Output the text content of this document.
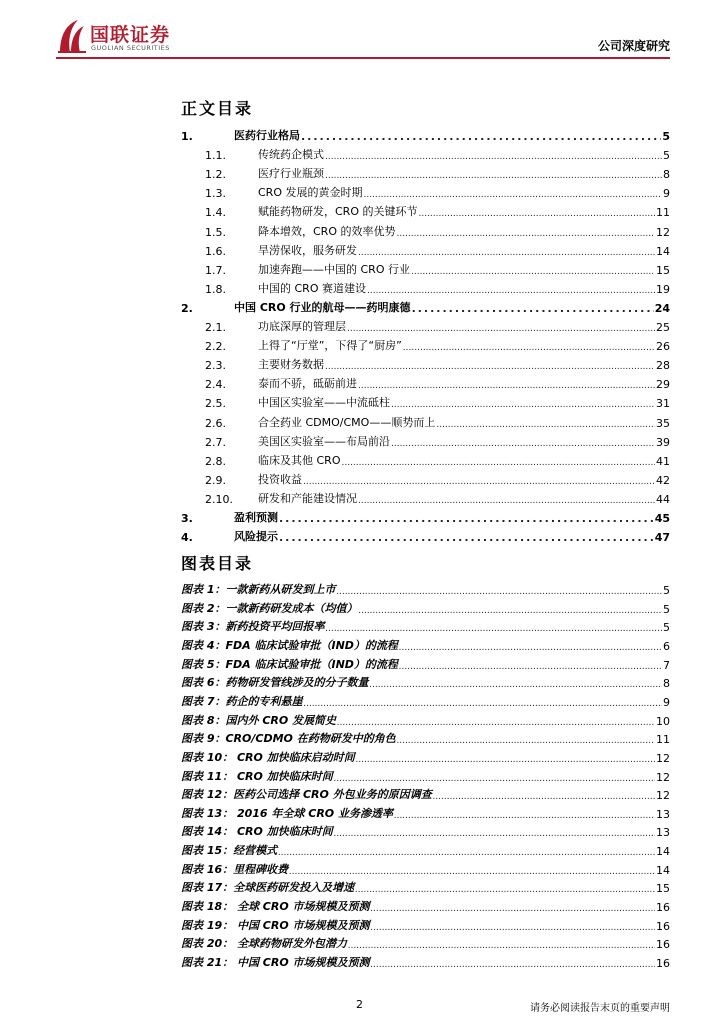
国联证券
GUOLIAN SECURITIES	公司深度研究
正文目录
1.	医药行业格局 .....	5
1.1.	传统药企模式 .....	5
1.2.	医疗行业瓶颈 .....	8
1.3.	CRO 发展的黄金时期 .....	9
1.4.	赋能药物研发，CRO 的关键环节 .....	11
1.5.	降本增效，CRO 的效率优势 .....	12
1.6.	旱涝保收，服务研发 .....	14
1.7.	加速奔跑——中国的 CRO 行业 .....	15
1.8.	中国的 CRO 赛道建设 .....	19
2.	中国 CRO 行业的航母——药明康德 .....	24
2.1.	功底深厚的管理层 .....	25
2.2.	上得了“厅堂”，下得了“厨房” .....	26
2.3.	主要财务数据 .....	28
2.4.	泰而不骄，砥砺前进 .....	29
2.5.	中国区实验室——中流砥柱 .....	31
2.6.	合全药业 CDMO/CMO——顺势而上 .....	35
2.7.	美国区实验室——布局前沿 .....	39
2.8.	临床及其他 CRO .....	41
2.9.	投资收益 .....	42
2.10.	研发和产能建设情况 .....	44
3.	盈利预测 .....	45
4.	风险提示 .....	47
图表目录
图表 1：一款新药从研发到上市 .....	5
图表 2：一款新药研发成本（均值） .....	5
图表 3：新药投资平均回报率 .....	5
图表 4：FDA 临床试验审批（IND）的流程 .....	6
图表 5：FDA 临床试验审批（IND）的流程 .....	7
图表 6：药物研发管线涉及的分子数量 .....	8
图表 7：药企的专利悬崖 .....	9
图表 8：国内外 CRO 发展简史 .....	10
图表 9：CRO/CDMO 在药物研发中的角色 .....	11
图表 10： CRO 加快临床启动时间 .....	12
图表 11： CRO 加快临床时间 .....	12
图表 12：医药公司选择 CRO 外包业务的原因调查 .....	12
图表 13： 2016 年全球 CRO 业务渗透率 .....	13
图表 14： CRO 加快临床时间 .....	13
图表 15：经营模式 .....	14
图表 16：里程碑收费 .....	14
图表 17：全球医药研发投入及增速 .....	15
图表 18： 全球 CRO 市场规模及预测 .....	16
图表 19： 中国 CRO 市场规模及预测 .....	16
图表 20： 全球药物研发外包潜力 .....	16
图表 21： 中国 CRO 市场规模及预测 .....	16
2	请务必阅读报告末页的重要声明
